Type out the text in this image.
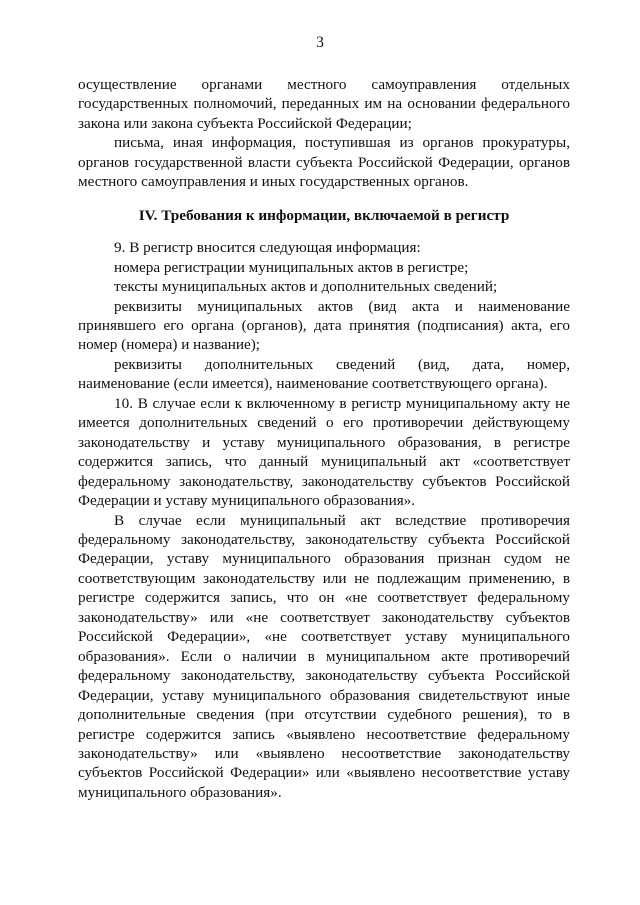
3

осуществление органами местного самоуправления отдельных государственных полномочий, переданных им на основании федерального закона или закона субъекта Российской Федерации;

письма, иная информация, поступившая из органов прокуратуры, органов государственной власти субъекта Российской Федерации, органов местного самоуправления и иных государственных органов.

IV. Требования к информации, включаемой в регистр

9. В регистр вносится следующая информация:

номера регистрации муниципальных актов в регистре;

тексты муниципальных актов и дополнительных сведений;

реквизиты муниципальных актов (вид акта и наименование принявшего его органа (органов), дата принятия (подписания) акта, его номер (номера) и название);

реквизиты дополнительных сведений (вид, дата, номер, наименование (если имеется), наименование соответствующего органа).

10. В случае если к включенному в регистр муниципальному акту не имеется дополнительных сведений о его противоречии действующему законодательству и уставу муниципального образования, в регистре содержится запись, что данный муниципальный акт «соответствует федеральному законодательству, законодательству субъектов Российской Федерации и уставу муниципального образования».

В случае если муниципальный акт вследствие противоречия федеральному законодательству, законодательству субъекта Российской Федерации, уставу муниципального образования признан судом не соответствующим законодательству или не подлежащим применению, в регистре содержится запись, что он «не соответствует федеральному законодательству» или «не соответствует законодательству субъектов Российской Федерации», «не соответствует уставу муниципального образования». Если о наличии в муниципальном акте противоречий федеральному законодательству, законодательству субъекта Российской Федерации, уставу муниципального образования свидетельствуют иные дополнительные сведения (при отсутствии судебного решения), то в регистре содержится запись «выявлено несоответствие федеральному законодательству» или «выявлено несоответствие законодательству субъектов Российской Федерации» или «выявлено несоответствие уставу муниципального образования».
